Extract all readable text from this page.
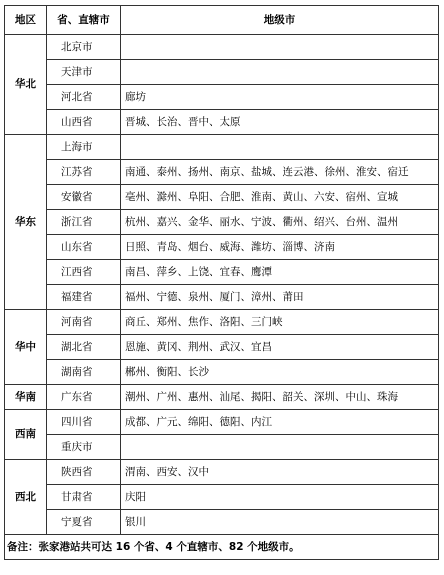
地区	省、直辖市	地级市
华北	北京市	
	天津市	
	河北省	廊坊
	山西省	晋城、长治、晋中、太原
华东	上海市	
	江苏省	南通、泰州、扬州、南京、盐城、连云港、徐州、淮安、宿迁
	安徽省	亳州、滁州、阜阳、合肥、淮南、黄山、六安、宿州、宣城
	浙江省	杭州、嘉兴、金华、丽水、宁波、衢州、绍兴、台州、温州
	山东省	日照、青岛、烟台、威海、潍坊、淄博、济南
	江西省	南昌、萍乡、上饶、宜春、鹰潭
	福建省	福州、宁德、泉州、厦门、漳州、莆田
华中	河南省	商丘、郑州、焦作、洛阳、三门峡
	湖北省	恩施、黄冈、荆州、武汉、宜昌
	湖南省	郴州、衡阳、长沙
华南	广东省	潮州、广州、惠州、汕尾、揭阳、韶关、深圳、中山、珠海
西南	四川省	成都、广元、绵阳、德阳、内江
	重庆市	
西北	陕西省	渭南、西安、汉中
	甘肃省	庆阳
	宁夏省	银川
备注：张家港站共可达 16 个省、4 个直辖市、82 个地级市。		
